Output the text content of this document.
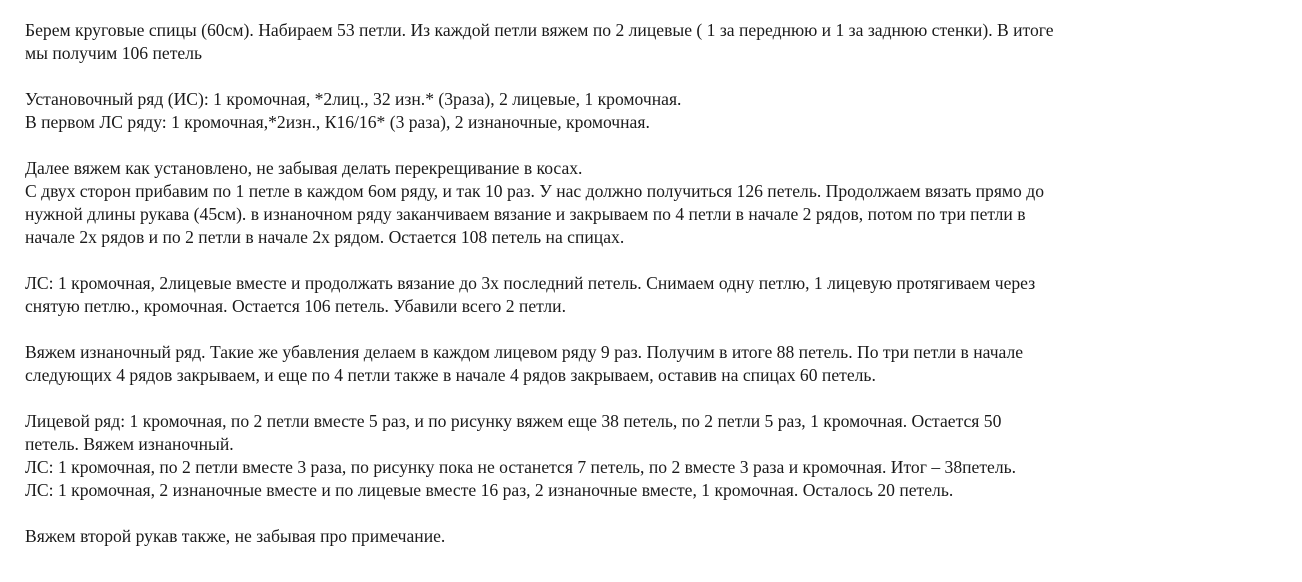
Берем круговые спицы (60см). Набираем 53 петли. Из каждой петли вяжем по 2 лицевые ( 1 за переднюю и 1 за заднюю стенки). В итоге
мы получим 106 петель

Установочный ряд (ИС): 1 кромочная, *2лиц., 32 изн.* (3раза), 2 лицевые, 1 кромочная.
В первом ЛС ряду: 1 кромочная,*2изн., К16/16* (3 раза), 2 изнаночные, кромочная.

Далее вяжем как установлено, не забывая делать перекрещивание в косах.
С двух сторон прибавим по 1 петле в каждом 6ом ряду, и так 10 раз. У нас должно получиться 126 петель. Продолжаем вязать прямо до
нужной длины рукава (45см). в изнаночном ряду заканчиваем вязание и закрываем по 4 петли в начале 2 рядов, потом по три петли в
начале 2х рядов и по 2 петли в начале 2х рядом. Остается 108 петель на спицах.

ЛС: 1 кромочная, 2лицевые вместе и продолжать вязание до 3х последний петель. Снимаем одну петлю, 1 лицевую протягиваем через
снятую петлю., кромочная. Остается 106 петель. Убавили всего 2 петли.

Вяжем изнаночный ряд. Такие же убавления делаем в каждом лицевом ряду 9 раз. Получим в итоге 88 петель. По три петли в начале
следующих 4 рядов закрываем, и еще по 4 петли также в начале 4 рядов закрываем, оставив на спицах 60 петель.

Лицевой ряд: 1 кромочная, по 2 петли вместе 5 раз, и по рисунку вяжем еще 38 петель, по 2 петли 5 раз, 1 кромочная. Остается 50
петель. Вяжем изнаночный.
ЛС: 1 кромочная, по 2 петли вместе 3 раза, по рисунку пока не останется 7 петель, по 2 вместе 3 раза и кромочная. Итог – 38петель.
ЛС: 1 кромочная, 2 изнаночные вместе и по лицевые вместе 16 раз, 2 изнаночные вместе, 1 кромочная. Осталось 20 петель.

Вяжем второй рукав также, не забывая про примечание.
